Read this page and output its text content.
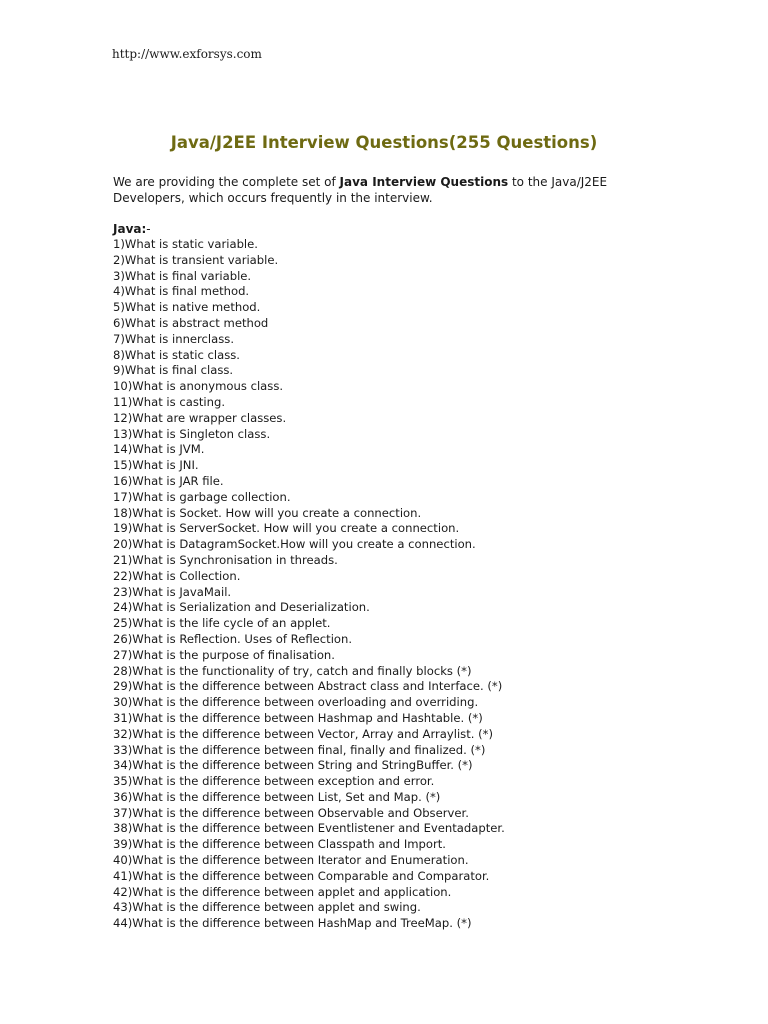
http://www.exforsys.com
Java/J2EE Interview Questions(255 Questions)
We are providing the complete set of Java Interview Questions to the Java/J2EE Developers, which occurs frequently in the interview.
Java:-
1)What is static variable.
2)What is transient variable.
3)What is final variable.
4)What is final method.
5)What is native method.
6)What is abstract method
7)What is innerclass.
8)What is static class.
9)What is final class.
10)What is anonymous class.
11)What is casting.
12)What are wrapper classes.
13)What is Singleton class.
14)What is JVM.
15)What is JNI.
16)What is JAR file.
17)What is garbage collection.
18)What is Socket. How will you create a connection.
19)What is ServerSocket. How will you create a connection.
20)What is DatagramSocket.How will you create a connection.
21)What is Synchronisation in threads.
22)What is Collection.
23)What is JavaMail.
24)What is Serialization and Deserialization.
25)What is the life cycle of an applet.
26)What is Reflection. Uses of Reflection.
27)What is the purpose of finalisation.
28)What is the functionality of try, catch and finally blocks (*)
29)What is the difference between Abstract class and Interface. (*)
30)What is the difference between overloading and overriding.
31)What is the difference between Hashmap and Hashtable. (*)
32)What is the difference between Vector, Array and Arraylist. (*)
33)What is the difference between final, finally and finalized. (*)
34)What is the difference between String and StringBuffer. (*)
35)What is the difference between exception and error.
36)What is the difference between List, Set and Map. (*)
37)What is the difference between Observable and Observer.
38)What is the difference between Eventlistener and Eventadapter.
39)What is the difference between Classpath and Import.
40)What is the difference between Iterator and Enumeration.
41)What is the difference between Comparable and Comparator.
42)What is the difference between applet and application.
43)What is the difference between applet and swing.
44)What is the difference between HashMap and TreeMap. (*)
